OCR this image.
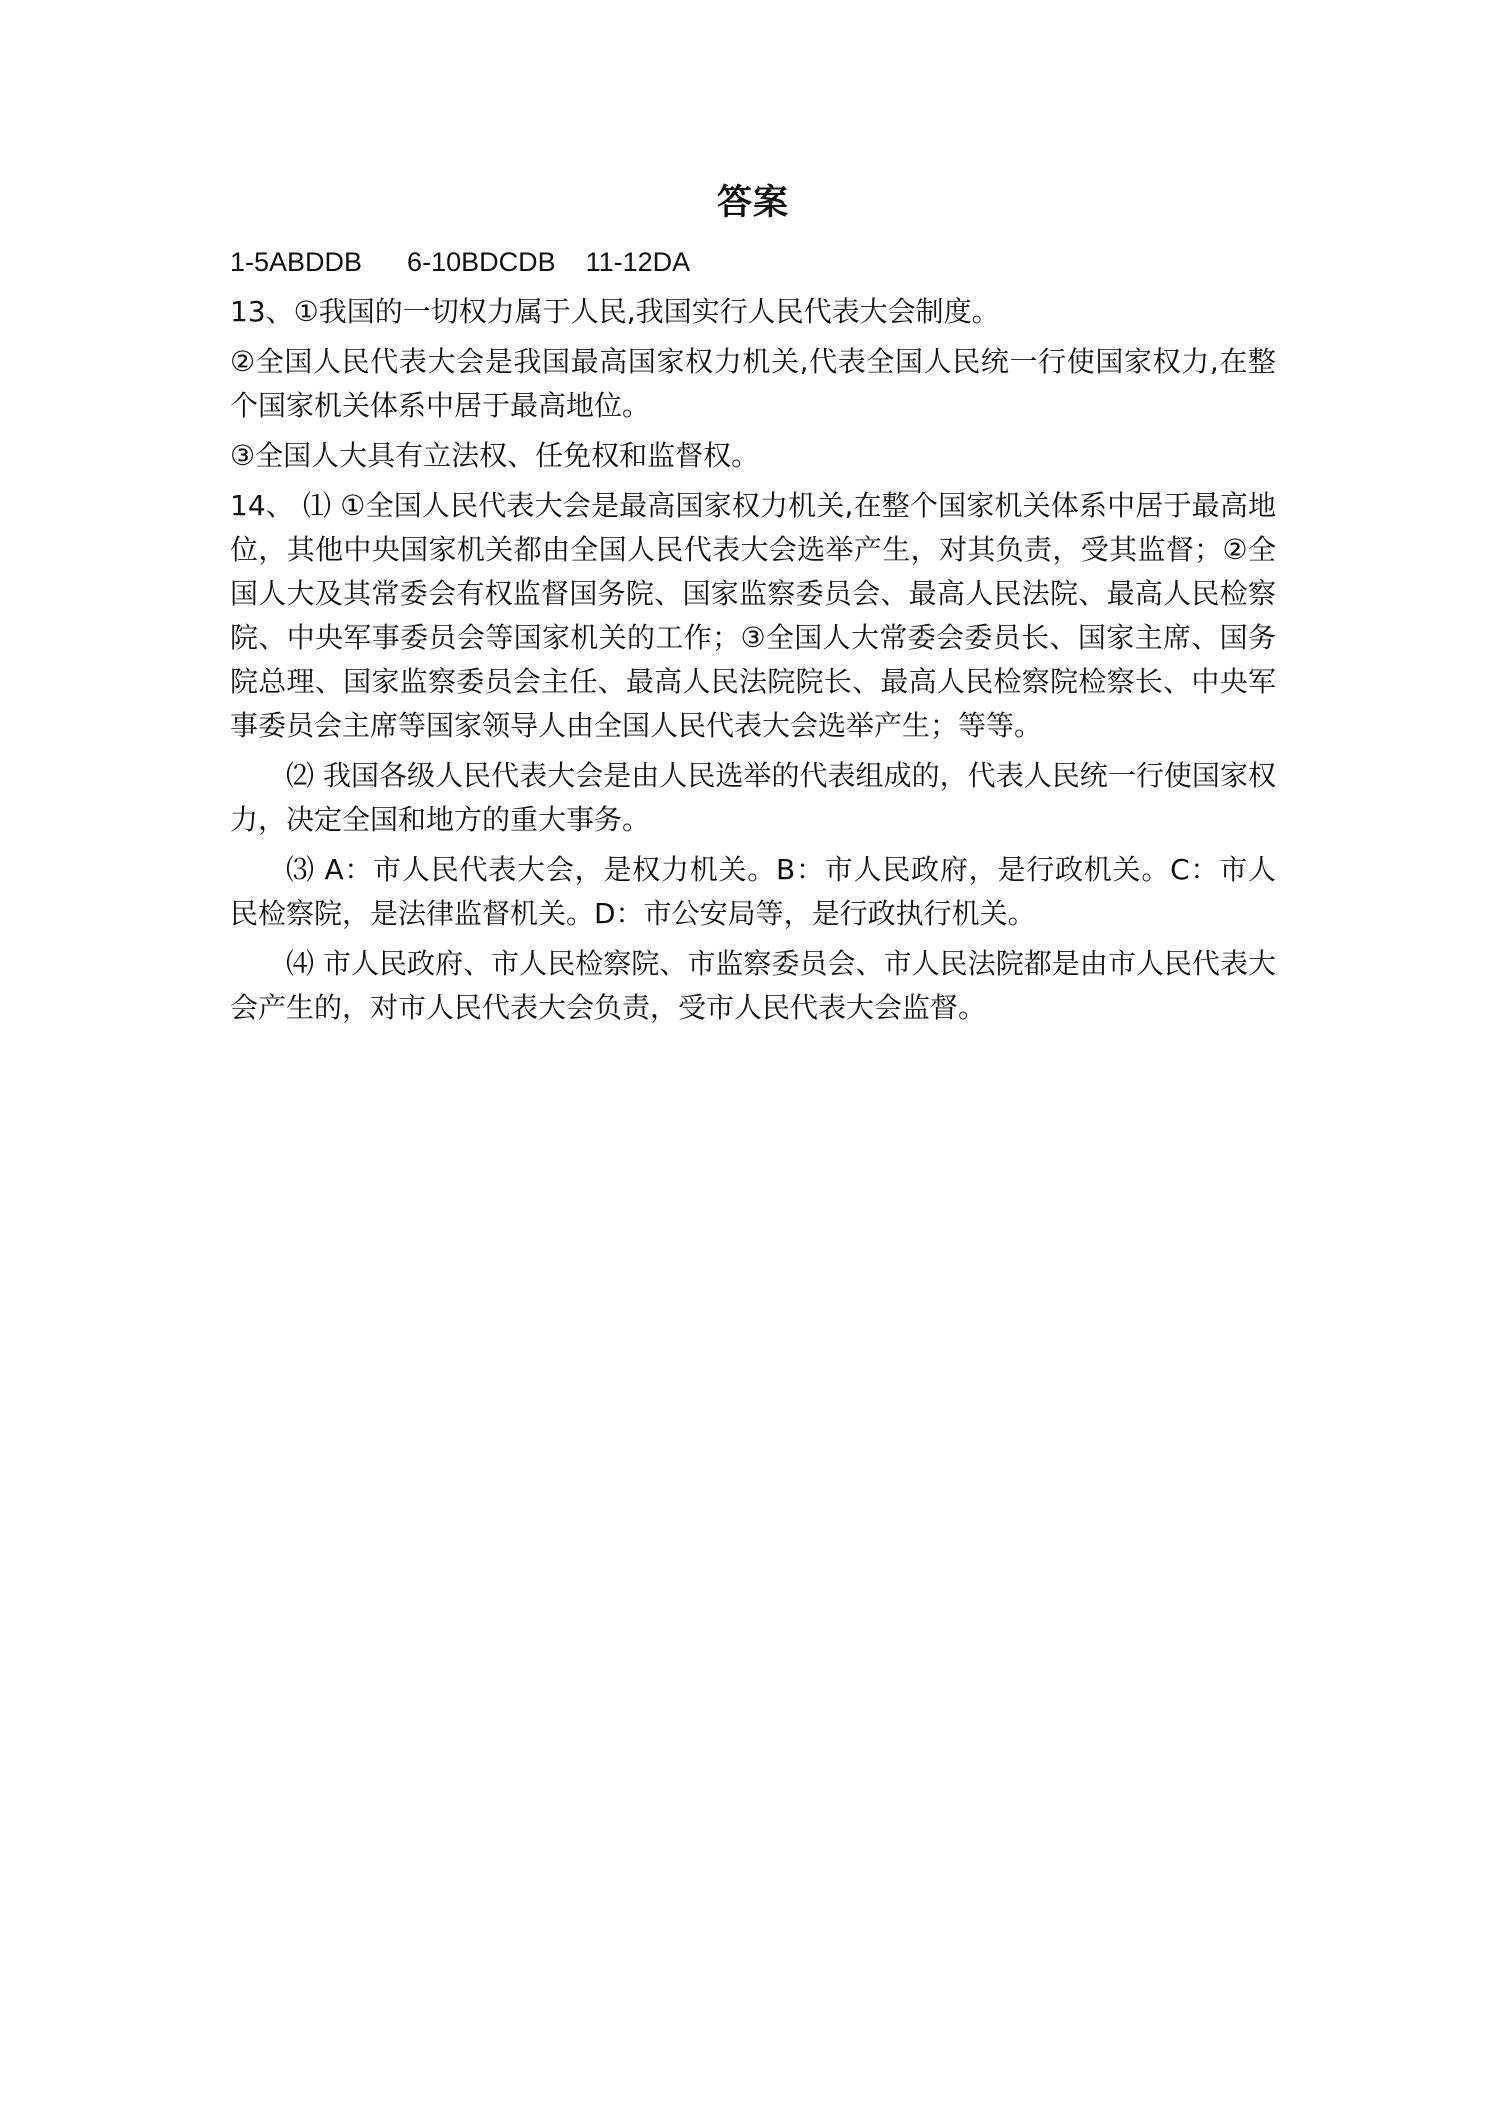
答案
1-5ABDDB      6-10BDCDB    11-12DA
13、①我国的一切权力属于人民,我国实行人民代表大会制度。
②全国人民代表大会是我国最高国家权力机关,代表全国人民统一行使国家权力,在整个国家机关体系中居于最高地位。
③全国人大具有立法权、任免权和监督权。
14、 ⑴ ①全国人民代表大会是最高国家权力机关,在整个国家机关体系中居于最高地位，其他中央国家机关都由全国人民代表大会选举产生，对其负责，受其监督；②全国人大及其常委会有权监督国务院、国家监察委员会、最高人民法院、最高人民检察院、中央军事委员会等国家机关的工作；③全国人大常委会委员长、国家主席、国务院总理、国家监察委员会主任、最高人民法院院长、最高人民检察院检察长、中央军事委员会主席等国家领导人由全国人民代表大会选举产生；等等。
⑵ 我国各级人民代表大会是由人民选举的代表组成的，代表人民统一行使国家权力，决定全国和地方的重大事务。
⑶ A：市人民代表大会，是权力机关。B：市人民政府，是行政机关。C：市人民检察院，是法律监督机关。D：市公安局等，是行政执行机关。
⑷ 市人民政府、市人民检察院、市监察委员会、市人民法院都是由市人民代表大会产生的，对市人民代表大会负责，受市人民代表大会监督。
